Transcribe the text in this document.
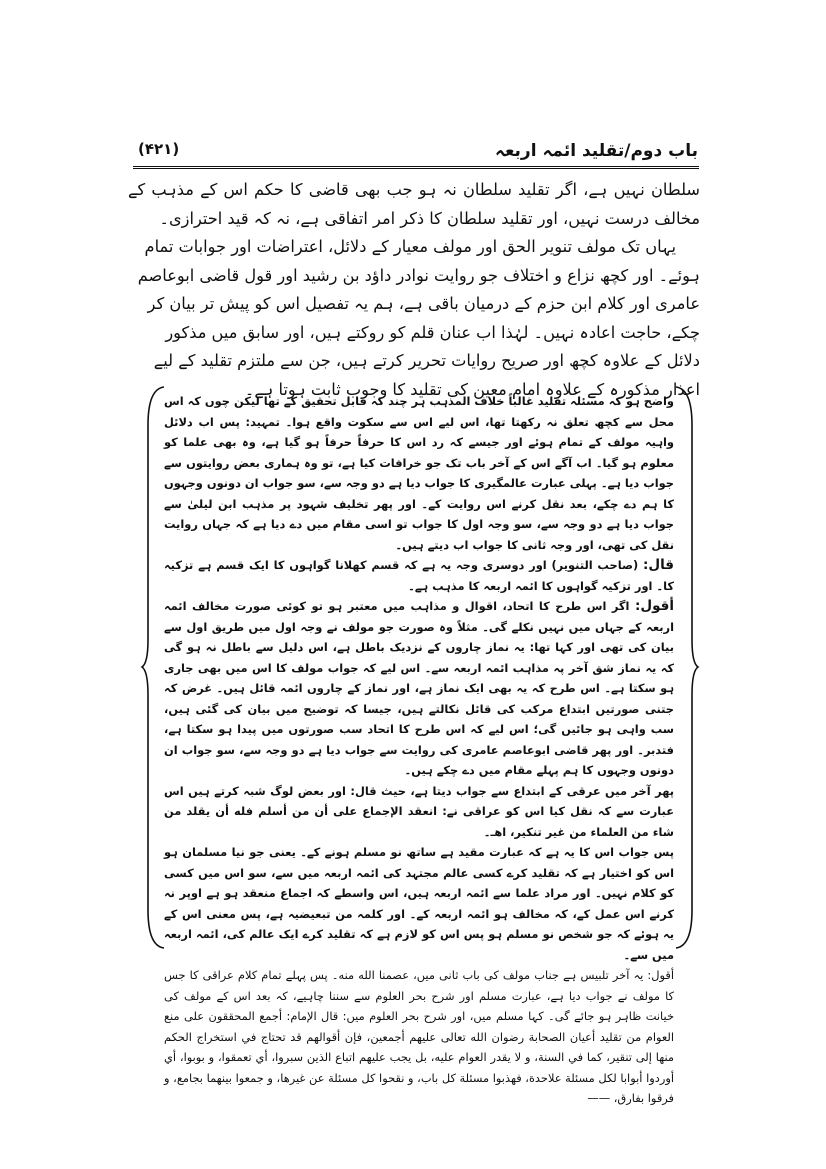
باب دوم/تقلید ائمہ اربعہ
(۴۲۱)

سلطان نہیں ہے، اگر تقلید سلطان نہ ہو جب بھی قاضی کا حکم اس کے مذہب کے مخالف درست نہیں، اور تقلید سلطان کا ذکر امر اتفاقی ہے، نہ کہ قید احترازی۔

یہاں تک مولف تنویر الحق اور مولف معیار کے دلائل، اعتراضات اور جوابات تمام ہوئے۔ اور کچھ نزاع و اختلاف جو روایت نوادر داؤد بن رشید اور قول قاضی ابوعاصم عامری اور کلام ابن حزم کے درمیان باقی ہے، ہم یہ تفصیل اس کو پیش تر بیان کر چکے، حاجت اعادہ نہیں۔ لہٰذا اب عنان قلم کو روکتے ہیں، اور سابق میں مذکور دلائل کے علاوہ کچھ اور صریح روایات تحریر کرتے ہیں، جن سے ملتزم تقلید کے لیے اعذار مذکورہ کے علاوہ امام معین کی تقلید کا وجوب ثابت ہوتا ہے۔

واضح ہو کہ مسئلہ تقلید غالباً خلاف المذہب ہر چند کہ قابل تحقیق کے تھا لیکن چوں کہ اس محل سے کچھ تعلق نہ رکھتا تھا، اس لیے اس سے سکوت واقع ہوا۔ تمہید: پس اب دلائل واہیہ مولف کے تمام ہوئے اور جیسے کہ رد اس کا حرفاً حرفاً ہو گیا ہے، وہ بھی علما کو معلوم ہو گیا۔ اب آگے اس کے آخر باب تک جو خرافات کیا ہے، تو وہ ہماری بعض روایتوں سے جواب دیا ہے۔ پہلی عبارت عالمگیری کا جواب دیا ہے دو وجہ سے، سو جواب ان دونوں وجہوں کا ہم دے چکے، بعد نقل کرنے اس روایت کے۔ اور پھر تخلیف شہود پر مذہب ابن لیلیٰ سے جواب دیا ہے دو وجہ سے، سو وجہ اول کا جواب تو اسی مقام میں دے دیا ہے کہ جہاں روایت نقل کی تھی، اور وجہ ثانی کا جواب اب دیتے ہیں۔

قال: (صاحب التنویر) اور دوسری وجہ یہ ہے کہ قسم کھلانا گواہوں کا ایک قسم ہے تزکیہ کا۔ اور تزکیہ گواہوں کا ائمہ اربعہ کا مذہب ہے۔

أقول: اگر اس طرح کا اتحاد، اقوال و مذاہب میں معتبر ہو تو کوئی صورت مخالف ائمہ اربعہ کے جہاں میں نہیں نکلے گی۔ مثلاً وہ صورت جو مولف نے وجہ اول میں طریق اول سے بیان کی تھی اور کہا تھا: یہ نماز چاروں کے نزدیک باطل ہے، اس دلیل سے باطل نہ ہو گی کہ یہ نماز شق آخر پہ مذاہب ائمہ اربعہ سے۔ اس لیے کہ جواب مولف کا اس میں بھی جاری ہو سکتا ہے۔ اس طرح کہ یہ بھی ایک نماز ہے، اور نماز کے چاروں ائمہ قائل ہیں۔ غرض کہ جتنی صورتیں ابتداع مرکب کی قائل نکالتے ہیں، جیسا کہ توضیح میں بیان کی گئی ہیں، سب واہی ہو جائیں گی؛ اس لیے کہ اس طرح کا اتحاد سب صورتوں میں پیدا ہو سکتا ہے، فتدبر۔ اور پھر قاضی ابوعاصم عامری کی روایت سے جواب دیا ہے دو وجہ سے، سو جواب ان دونوں وجہوں کا ہم پہلے مقام میں دے چکے ہیں۔

پھر آخر میں عرقی کے ابتداع سے جواب دیتا ہے، حیث قال: اور بعض لوگ شبہ کرتے ہیں اس عبارت سے کہ نقل کیا اس کو عراقی نے: انعقد الإجماع علی أن من أسلم فله أن يقلد من شاء من العلماء من غير تنكير، اهـ۔

پس جواب اس کا یہ ہے کہ عبارت مقید ہے ساتھ نو مسلم ہونے کے۔ یعنی جو نیا مسلمان ہو اس کو اختیار ہے کہ تقلید کرے کسی عالم مجتہد کی ائمہ اربعہ میں سے، سو اس میں کسی کو کلام نہیں۔ اور مراد علما سے ائمہ اربعہ ہیں، اس واسطے کہ اجماع منعقد ہو ہے اوپر نہ کرنے اس عمل کے، کہ مخالف ہو ائمہ اربعہ کے۔ اور کلمہ من تبعیضیہ ہے، پس معنی اس کے یہ ہوئے کہ جو شخص نو مسلم ہو پس اس کو لازم ہے کہ تقلید کرے ایک عالم کی، ائمہ اربعہ میں سے۔

أقول: یہ آخر تلبیس ہے جناب مولف کی باب ثانی میں، عصمنا الله منه۔ پس پہلے تمام کلام عراقی کا جس کا مولف نے جواب دیا ہے، عبارت مسلم اور شرح بحر العلوم سے سننا چاہیے، کہ بعد اس کے مولف کی خیانت ظاہر ہو جائے گی۔ کہا مسلم میں، اور شرح بحر العلوم میں: قال الإمام: أجمع المحققون على منع العوام من تقليد أعيان الصحابة رضوان الله تعالى عليهم أجمعين، فإن أقوالهم قد تحتاج في استخراج الحكم منها إلى تنقير، كما في السنة، و لا يقدر العوام عليه، بل يجب عليهم اتباع الذين سبروا، أي تعمقوا، و بوبوا، أي أوردوا أبوابا لكل مسئلة علاحدة، فهذبوا مسئلة كل باب، و نقحوا كل مسئلة عن غيرها، و جمعوا بينهما بجامع، و فرقوا بفارق، ——
